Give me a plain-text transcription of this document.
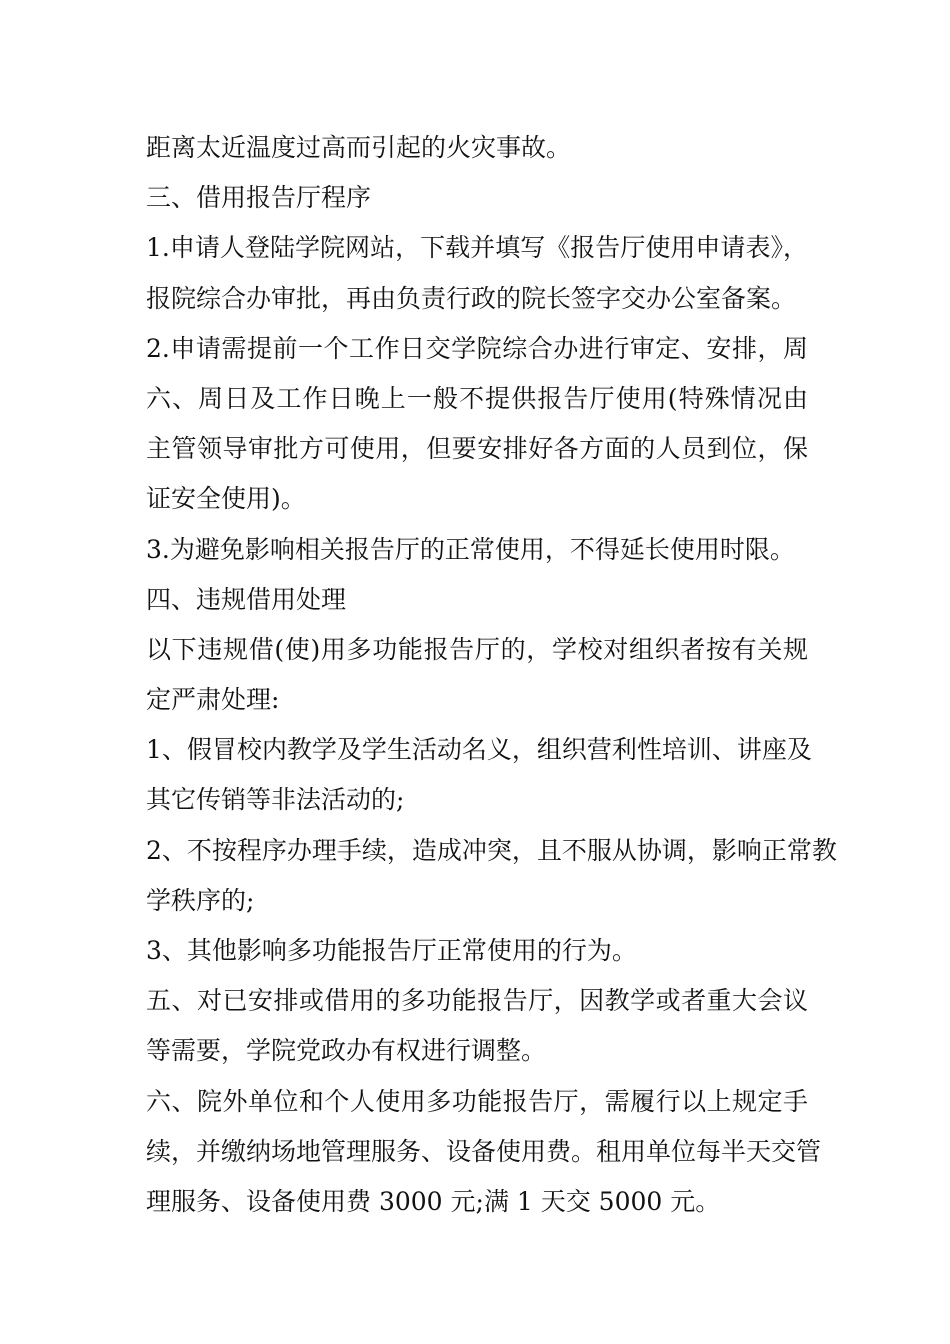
距离太近温度过高而引起的火灾事故。
三、借用报告厅程序
1.申请人登陆学院网站，下载并填写《报告厅使用申请表》，
报院综合办审批，再由负责行政的院长签字交办公室备案。
2.申请需提前一个工作日交学院综合办进行审定、安排，周
六、周日及工作日晚上一般不提供报告厅使用(特殊情况由
主管领导审批方可使用，但要安排好各方面的人员到位，保
证安全使用)。
3.为避免影响相关报告厅的正常使用，不得延长使用时限。
四、违规借用处理
以下违规借(使)用多功能报告厅的，学校对组织者按有关规
定严肃处理:
1、假冒校内教学及学生活动名义，组织营利性培训、讲座及
其它传销等非法活动的;
2、不按程序办理手续，造成冲突，且不服从协调，影响正常教
学秩序的;
3、其他影响多功能报告厅正常使用的行为。
五、对已安排或借用的多功能报告厅，因教学或者重大会议
等需要，学院党政办有权进行调整。
六、院外单位和个人使用多功能报告厅，需履行以上规定手
续，并缴纳场地管理服务、设备使用费。租用单位每半天交管
理服务、设备使用费 3000 元;满 1 天交 5000 元。
